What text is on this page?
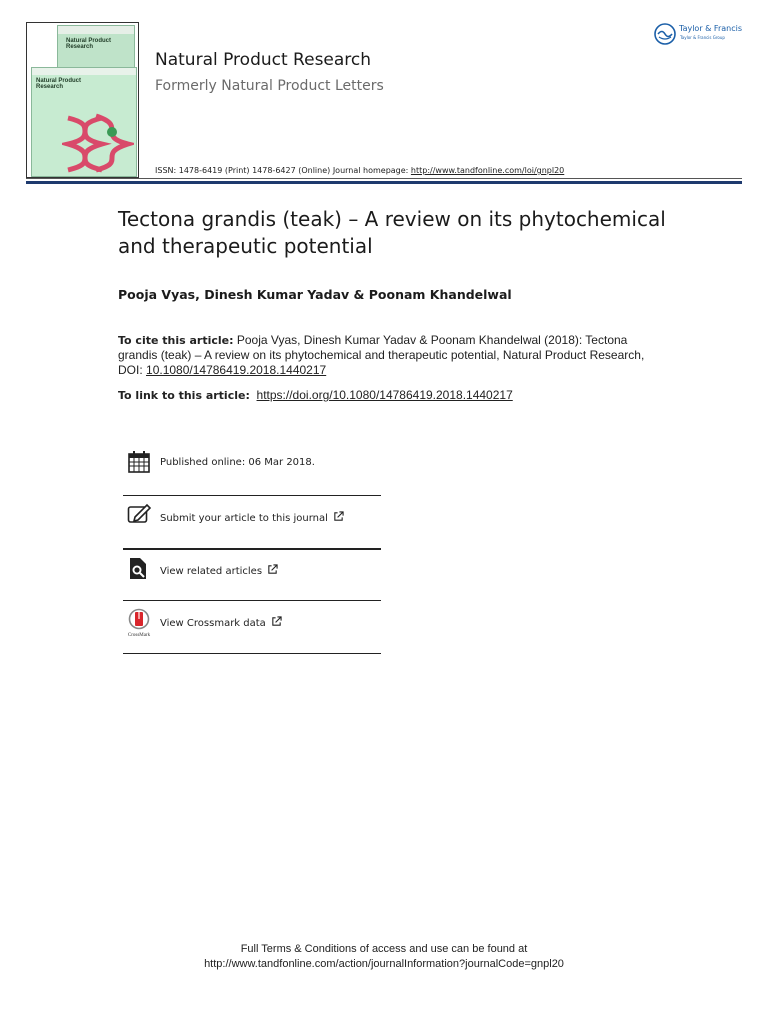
Natural Product Research
Natural Product Research
Natural Product Research
Formerly Natural Product Letters
ISSN: 1478-6419 (Print) 1478-6427 (Online) Journal homepage: http://www.tandfonline.com/loi/gnpl20
Taylor & Francis
Taylor & Francis Group
Tectona grandis (teak) – A review on its phytochemical and therapeutic potential
Pooja Vyas, Dinesh Kumar Yadav & Poonam Khandelwal
To cite this article: Pooja Vyas, Dinesh Kumar Yadav & Poonam Khandelwal (2018): Tectona grandis (teak) – A review on its phytochemical and therapeutic potential, Natural Product Research, DOI: 10.1080/14786419.2018.1440217
To link to this article: https://doi.org/10.1080/14786419.2018.1440217
Published online: 06 Mar 2018.
Submit your article to this journal
View related articles
CrossMark
View Crossmark data
Full Terms & Conditions of access and use can be found at
http://www.tandfonline.com/action/journalInformation?journalCode=gnpl20
